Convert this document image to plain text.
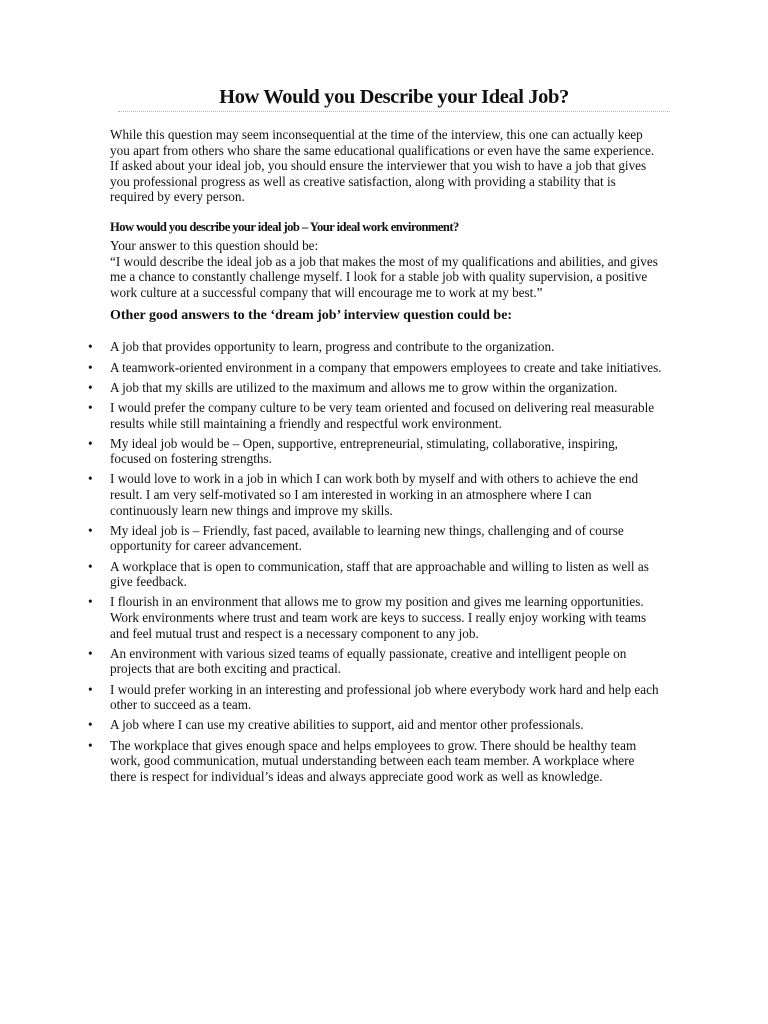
How Would you Describe your Ideal Job?

While this question may seem inconsequential at the time of the interview, this one can actually keep you apart from others who share the same educational qualifications or even have the same experience. If asked about your ideal job, you should ensure the interviewer that you wish to have a job that gives you professional progress as well as creative satisfaction, along with providing a stability that is required by every person.

How would you describe your ideal job – Your ideal work environment?

Your answer to this question should be:

“I would describe the ideal job as a job that makes the most of my qualifications and abilities, and gives me a chance to constantly challenge myself. I look for a stable job with quality supervision, a positive work culture at a successful company that will encourage me to work at my best.”

Other good answers to the ‘dream job’ interview question could be:

•	A job that provides opportunity to learn, progress and contribute to the organization.
•	A teamwork-oriented environment in a company that empowers employees to create and take initiatives.
•	A job that my skills are utilized to the maximum and allows me to grow within the organization.
•	I would prefer the company culture to be very team oriented and focused on delivering real measurable results while still maintaining a friendly and respectful work environment.
•	My ideal job would be – Open, supportive, entrepreneurial, stimulating, collaborative, inspiring, focused on fostering strengths.
•	I would love to work in a job in which I can work both by myself and with others to achieve the end result. I am very self-motivated so I am interested in working in an atmosphere where I can continuously learn new things and improve my skills.
•	My ideal job is – Friendly, fast paced, available to learning new things, challenging and of course opportunity for career advancement.
•	A workplace that is open to communication, staff that are approachable and willing to listen as well as give feedback.
•	I flourish in an environment that allows me to grow my position and gives me learning opportunities. Work environments where trust and team work are keys to success. I really enjoy working with teams and feel mutual trust and respect is a necessary component to any job.
•	An environment with various sized teams of equally passionate, creative and intelligent people on projects that are both exciting and practical.
•	I would prefer working in an interesting and professional job where everybody work hard and help each other to succeed as a team.
•	A job where I can use my creative abilities to support, aid and mentor other professionals.
•	The workplace that gives enough space and helps employees to grow. There should be healthy team work, good communication, mutual understanding between each team member. A workplace where there is respect for individual’s ideas and always appreciate good work as well as knowledge.
